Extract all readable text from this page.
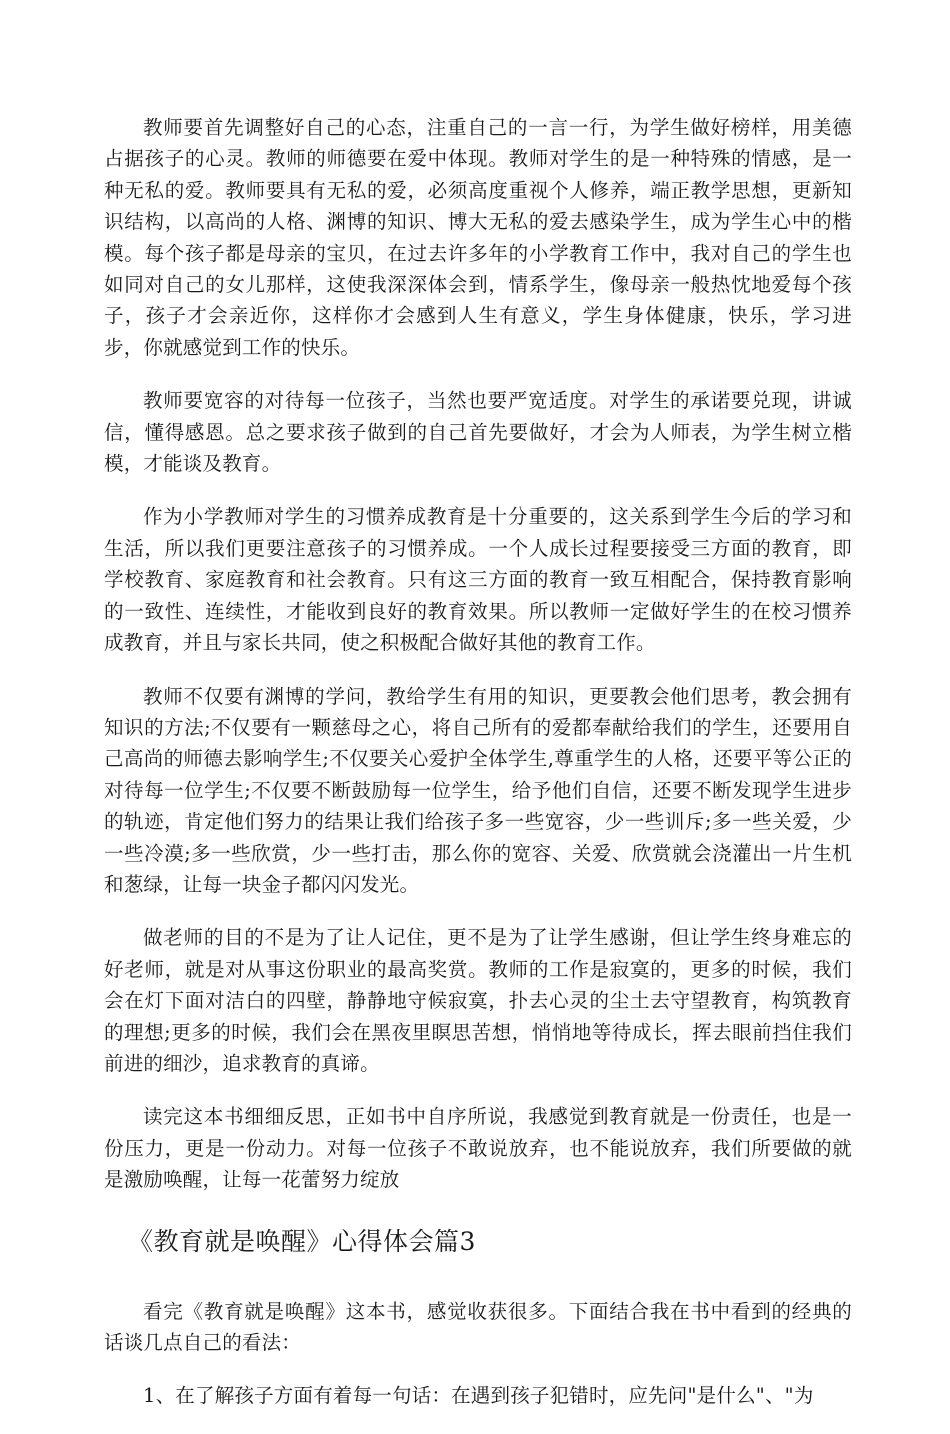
教师要首先调整好自己的心态，注重自己的一言一行，为学生做好榜样，用美德占据孩子的心灵。教师的师德要在爱中体现。教师对学生的是一种特殊的情感，是一种无私的爱。教师要具有无私的爱，必须高度重视个人修养，端正教学思想，更新知识结构，以高尚的人格、渊博的知识、博大无私的爱去感染学生，成为学生心中的楷模。每个孩子都是母亲的宝贝，在过去许多年的小学教育工作中，我对自己的学生也如同对自己的女儿那样，这使我深深体会到，情系学生，像母亲一般热忱地爱每个孩子，孩子才会亲近你，这样你才会感到人生有意义，学生身体健康，快乐，学习进步，你就感觉到工作的快乐。

教师要宽容的对待每一位孩子，当然也要严宽适度。对学生的承诺要兑现，讲诚信，懂得感恩。总之要求孩子做到的自己首先要做好，才会为人师表，为学生树立楷模，才能谈及教育。

作为小学教师对学生的习惯养成教育是十分重要的，这关系到学生今后的学习和生活，所以我们更要注意孩子的习惯养成。一个人成长过程要接受三方面的教育，即学校教育、家庭教育和社会教育。只有这三方面的教育一致互相配合，保持教育影响的一致性、连续性，才能收到良好的教育效果。所以教师一定做好学生的在校习惯养成教育，并且与家长共同，使之积极配合做好其他的教育工作。

教师不仅要有渊博的学问，教给学生有用的知识，更要教会他们思考，教会拥有知识的方法;不仅要有一颗慈母之心，将自己所有的爱都奉献给我们的学生，还要用自己高尚的师德去影响学生;不仅要关心爱护全体学生,尊重学生的人格，还要平等公正的对待每一位学生;不仅要不断鼓励每一位学生，给予他们自信，还要不断发现学生进步的轨迹，肯定他们努力的结果让我们给孩子多一些宽容，少一些训斥;多一些关爱，少一些冷漠;多一些欣赏，少一些打击，那么你的宽容、关爱、欣赏就会浇灌出一片生机和葱绿，让每一块金子都闪闪发光。

做老师的目的不是为了让人记住，更不是为了让学生感谢，但让学生终身难忘的好老师，就是对从事这份职业的最高奖赏。教师的工作是寂寞的，更多的时候，我们会在灯下面对洁白的四壁，静静地守候寂寞，扑去心灵的尘土去守望教育，构筑教育的理想;更多的时候，我们会在黑夜里瞑思苦想，悄悄地等待成长，挥去眼前挡住我们前进的细沙，追求教育的真谛。

读完这本书细细反思，正如书中自序所说，我感觉到教育就是一份责任，也是一份压力，更是一份动力。对每一位孩子不敢说放弃，也不能说放弃，我们所要做的就是激励唤醒，让每一花蕾努力绽放

《教育就是唤醒》心得体会篇3

看完《教育就是唤醒》这本书，感觉收获很多。下面结合我在书中看到的经典的话谈几点自己的看法：

1、在了解孩子方面有着每一句话：在遇到孩子犯错时，应先问"是什么"、"为
